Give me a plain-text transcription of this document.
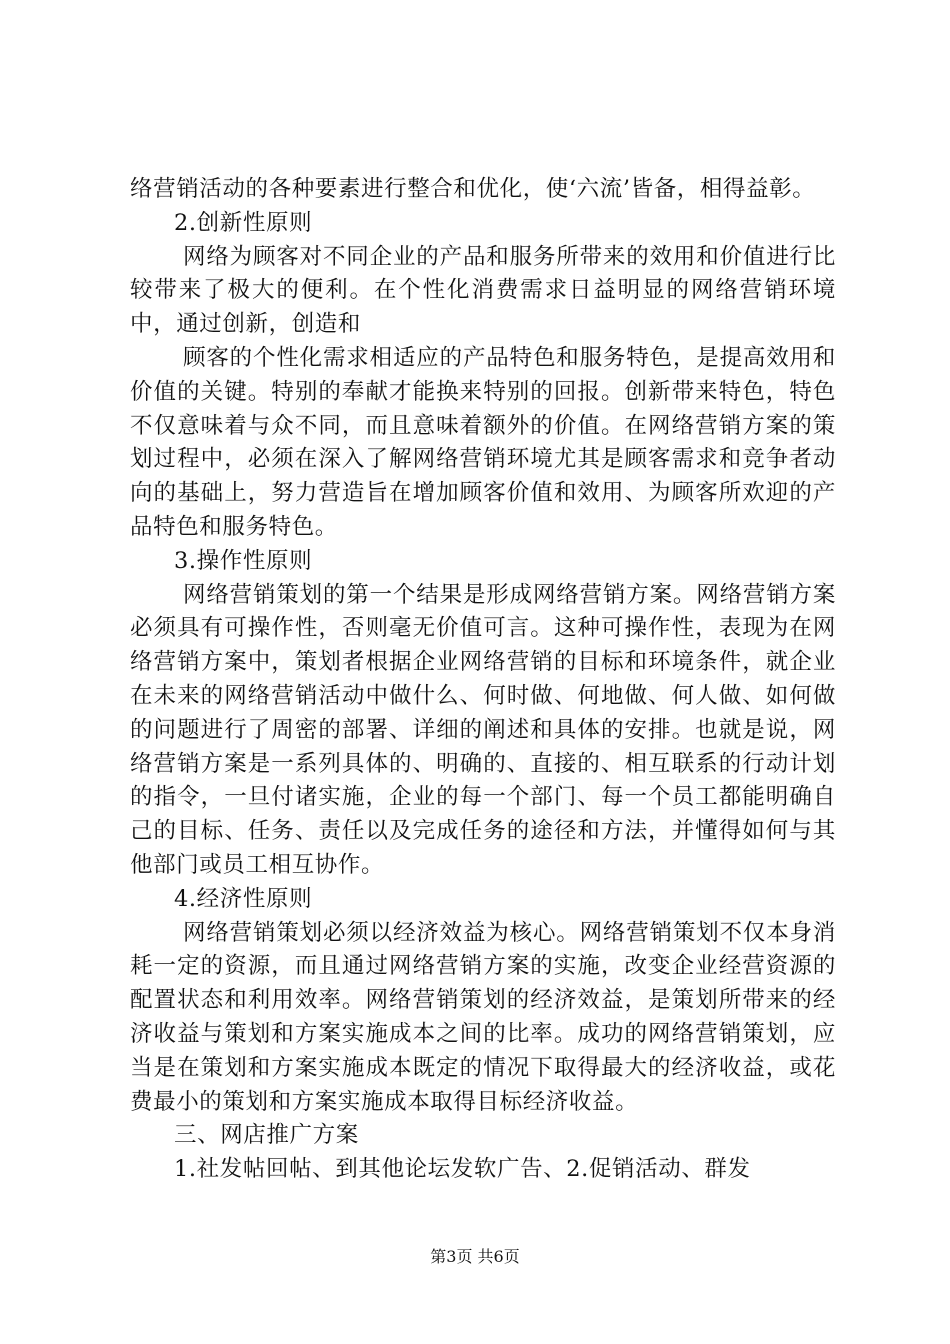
络营销活动的各种要素进行整合和优化，使‘六流’皆备，相得益彰。

2.创新性原则

网络为顾客对不同企业的产品和服务所带来的效用和价值进行比较带来了极大的便利。在个性化消费需求日益明显的网络营销环境中，通过创新，创造和

顾客的个性化需求相适应的产品特色和服务特色，是提高效用和价值的关键。特别的奉献才能换来特别的回报。创新带来特色，特色不仅意味着与众不同，而且意味着额外的价值。在网络营销方案的策划过程中，必须在深入了解网络营销环境尤其是顾客需求和竞争者动向的基础上，努力营造旨在增加顾客价值和效用、为顾客所欢迎的产品特色和服务特色。

3.操作性原则

网络营销策划的第一个结果是形成网络营销方案。网络营销方案必须具有可操作性，否则毫无价值可言。这种可操作性，表现为在网络营销方案中，策划者根据企业网络营销的目标和环境条件，就企业在未来的网络营销活动中做什么、何时做、何地做、何人做、如何做的问题进行了周密的部署、详细的阐述和具体的安排。也就是说，网络营销方案是一系列具体的、明确的、直接的、相互联系的行动计划的指令，一旦付诸实施，企业的每一个部门、每一个员工都能明确自己的目标、任务、责任以及完成任务的途径和方法，并懂得如何与其他部门或员工相互协作。

4.经济性原则

网络营销策划必须以经济效益为核心。网络营销策划不仅本身消耗一定的资源，而且通过网络营销方案的实施，改变企业经营资源的配置状态和利用效率。网络营销策划的经济效益，是策划所带来的经济收益与策划和方案实施成本之间的比率。成功的网络营销策划，应当是在策划和方案实施成本既定的情况下取得最大的经济收益，或花费最小的策划和方案实施成本取得目标经济收益。

三、网店推广方案

1.社发帖回帖、到其他论坛发软广告、2.促销活动、群发

第3页 共6页
